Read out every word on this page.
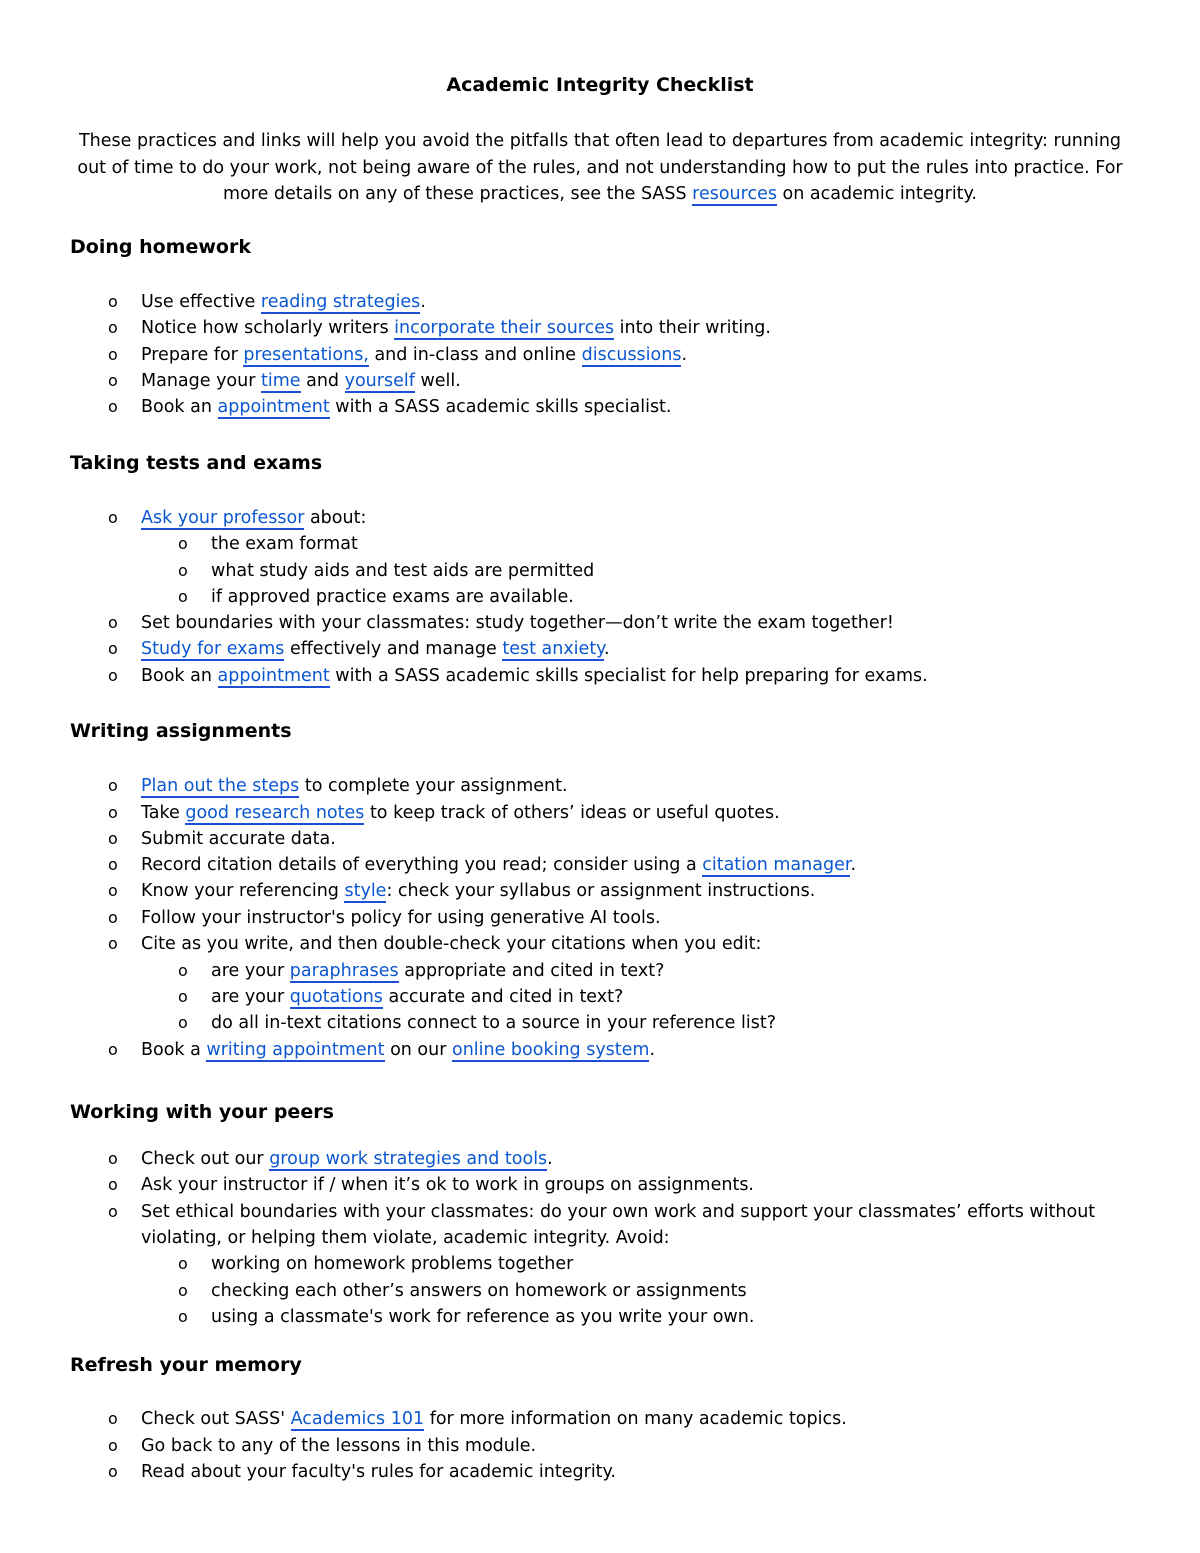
Academic Integrity Checklist
These practices and links will help you avoid the pitfalls that often lead to departures from academic integrity: running
out of time to do your work, not being aware of the rules, and not understanding how to put the rules into practice. For
more details on any of these practices, see the SASS resources on academic integrity.
Doing homework
o Use effective reading strategies.
o Notice how scholarly writers incorporate their sources into their writing.
o Prepare for presentations, and in-class and online discussions.
o Manage your time and yourself well.
o Book an appointment with a SASS academic skills specialist.
Taking tests and exams
o Ask your professor about:
o the exam format
o what study aids and test aids are permitted
o if approved practice exams are available.
o Set boundaries with your classmates: study together—don’t write the exam together!
o Study for exams effectively and manage test anxiety.
o Book an appointment with a SASS academic skills specialist for help preparing for exams.
Writing assignments
o Plan out the steps to complete your assignment.
o Take good research notes to keep track of others’ ideas or useful quotes.
o Submit accurate data.
o Record citation details of everything you read; consider using a citation manager.
o Know your referencing style: check your syllabus or assignment instructions.
o Follow your instructor's policy for using generative AI tools.
o Cite as you write, and then double-check your citations when you edit:
o are your paraphrases appropriate and cited in text?
o are your quotations accurate and cited in text?
o do all in-text citations connect to a source in your reference list?
o Book a writing appointment on our online booking system.
Working with your peers
o Check out our group work strategies and tools.
o Ask your instructor if / when it’s ok to work in groups on assignments.
o Set ethical boundaries with your classmates: do your own work and support your classmates’ efforts without
violating, or helping them violate, academic integrity. Avoid:
o working on homework problems together
o checking each other’s answers on homework or assignments
o using a classmate's work for reference as you write your own.
Refresh your memory
o Check out SASS' Academics 101 for more information on many academic topics.
o Go back to any of the lessons in this module.
o Read about your faculty's rules for academic integrity.
